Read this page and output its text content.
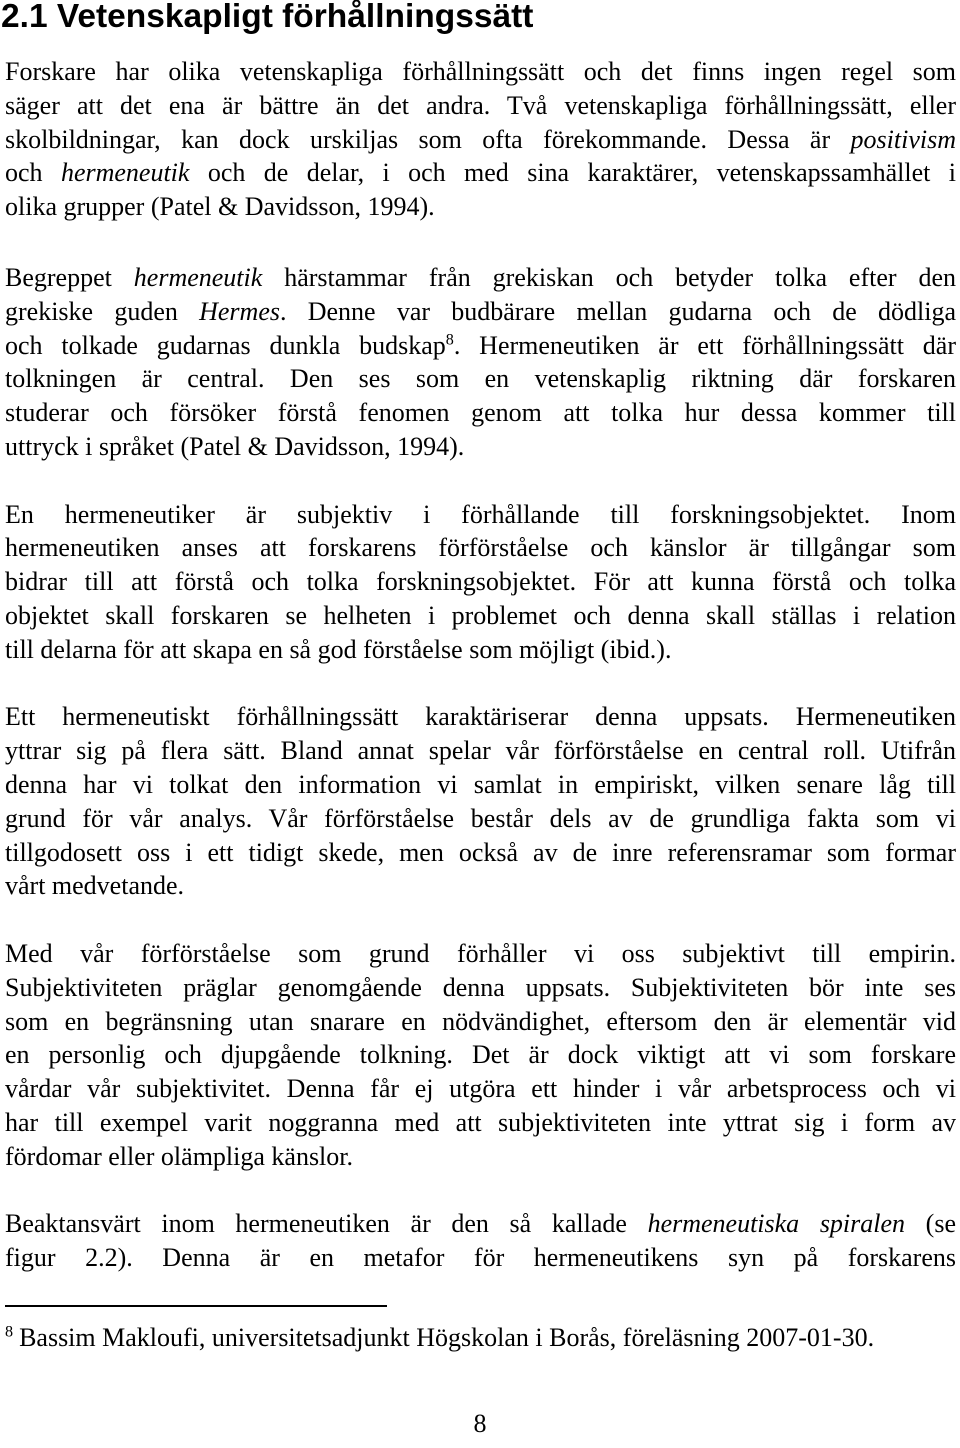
2.1 Vetenskapligt förhållningssätt
Forskare har olika vetenskapliga förhållningssätt och det finns ingen regel som
säger att det ena är bättre än det andra. Två vetenskapliga förhållningssätt, eller
skolbildningar, kan dock urskiljas som ofta förekommande. Dessa är positivism
och hermeneutik och de delar, i och med sina karaktärer, vetenskapssamhället i
olika grupper (Patel & Davidsson, 1994).
Begreppet hermeneutik härstammar från grekiskan och betyder tolka efter den
grekiske guden Hermes. Denne var budbärare mellan gudarna och de dödliga
och tolkade gudarnas dunkla budskap$^8$. Hermeneutiken är ett förhållningssätt där
tolkningen är central. Den ses som en vetenskaplig riktning där forskaren
studerar och försöker förstå fenomen genom att tolka hur dessa kommer till
uttryck i språket (Patel & Davidsson, 1994).
En hermeneutiker är subjektiv i förhållande till forskningsobjektet. Inom
hermeneutiken anses att forskarens förförståelse och känslor är tillgångar som
bidrar till att förstå och tolka forskningsobjektet. För att kunna förstå och tolka
objektet skall forskaren se helheten i problemet och denna skall ställas i relation
till delarna för att skapa en så god förståelse som möjligt (ibid.).
Ett hermeneutiskt förhållningssätt karaktäriserar denna uppsats. Hermeneutiken
yttrar sig på flera sätt. Bland annat spelar vår förförståelse en central roll. Utifrån
denna har vi tolkat den information vi samlat in empiriskt, vilken senare låg till
grund för vår analys. Vår förförståelse består dels av de grundliga fakta som vi
tillgodosett oss i ett tidigt skede, men också av de inre referensramar som formar
vårt medvetande.
Med vår förförståelse som grund förhåller vi oss subjektivt till empirin.
Subjektiviteten präglar genomgående denna uppsats. Subjektiviteten bör inte ses
som en begränsning utan snarare en nödvändighet, eftersom den är elementär vid
en personlig och djupgående tolkning. Det är dock viktigt att vi som forskare
vårdar vår subjektivitet. Denna får ej utgöra ett hinder i vår arbetsprocess och vi
har till exempel varit noggranna med att subjektiviteten inte yttrat sig i form av
fördomar eller olämpliga känslor.
Beaktansvärt inom hermeneutiken är den så kallade hermeneutiska spiralen (se
figur 2.2). Denna är en metafor för hermeneutikens syn på forskarens
$^8$ Bassim Makloufi, universitetsadjunkt Högskolan i Borås, föreläsning 2007-01-30.
8
